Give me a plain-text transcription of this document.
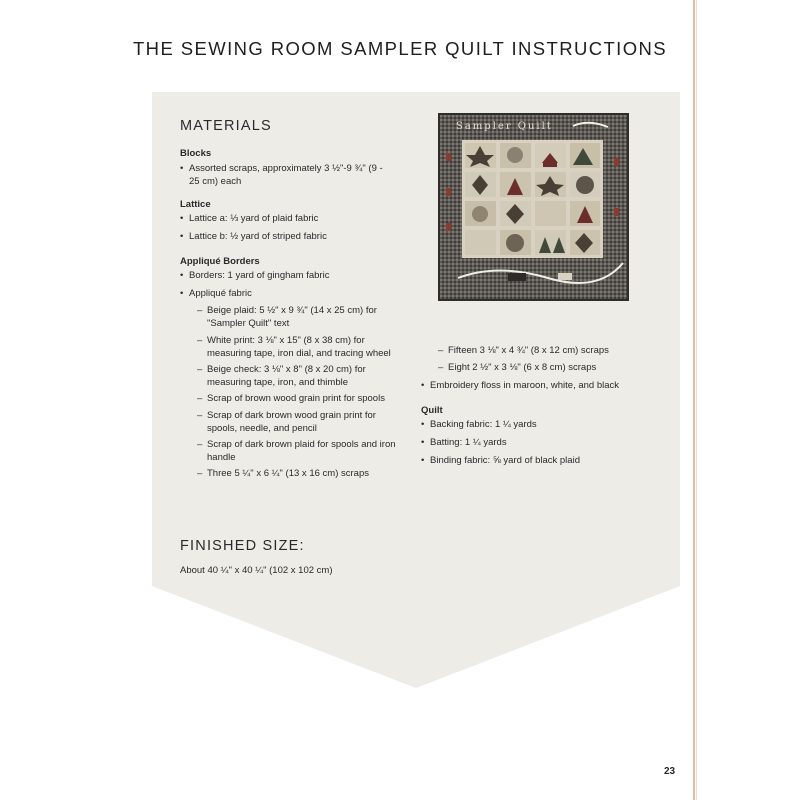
THE SEWING ROOM SAMPLER QUILT INSTRUCTIONS
Sampler Quilt
MATERIALS
Blocks
• Assorted scraps, approximately 3 ½"-9 ¾" (9 - 25 cm) each
Lattice
• Lattice a: ⅓ yard of plaid fabric
• Lattice b: ½ yard of striped fabric
Appliqué Borders
• Borders: 1 yard of gingham fabric
• Appliqué fabric
– Beige plaid: 5 ½" x 9 ¾" (14 x 25 cm) for "Sampler Quilt" text
– White print: 3 ⅛" x 15" (8 x 38 cm) for measuring tape, iron dial, and tracing wheel
– Beige check: 3 ⅛" x 8" (8 x 20 cm) for measuring tape, iron, and thimble
– Scrap of brown wood grain print for spools
– Scrap of dark brown wood grain print for spools, needle, and pencil
– Scrap of dark brown plaid for spools and iron handle
– Three 5 ¼" x 6 ¼" (13 x 16 cm) scraps
– Fifteen 3 ⅛" x 4 ¾" (8 x 12 cm) scraps
– Eight 2 ½" x 3 ⅛" (6 x 8 cm) scraps
• Embroidery floss in maroon, white, and black
Quilt
• Backing fabric: 1 ¼ yards
• Batting: 1 ¼ yards
• Binding fabric: ⅝ yard of black plaid
FINISHED SIZE:
About 40 ¼" x 40 ¼" (102 x 102 cm)
23
